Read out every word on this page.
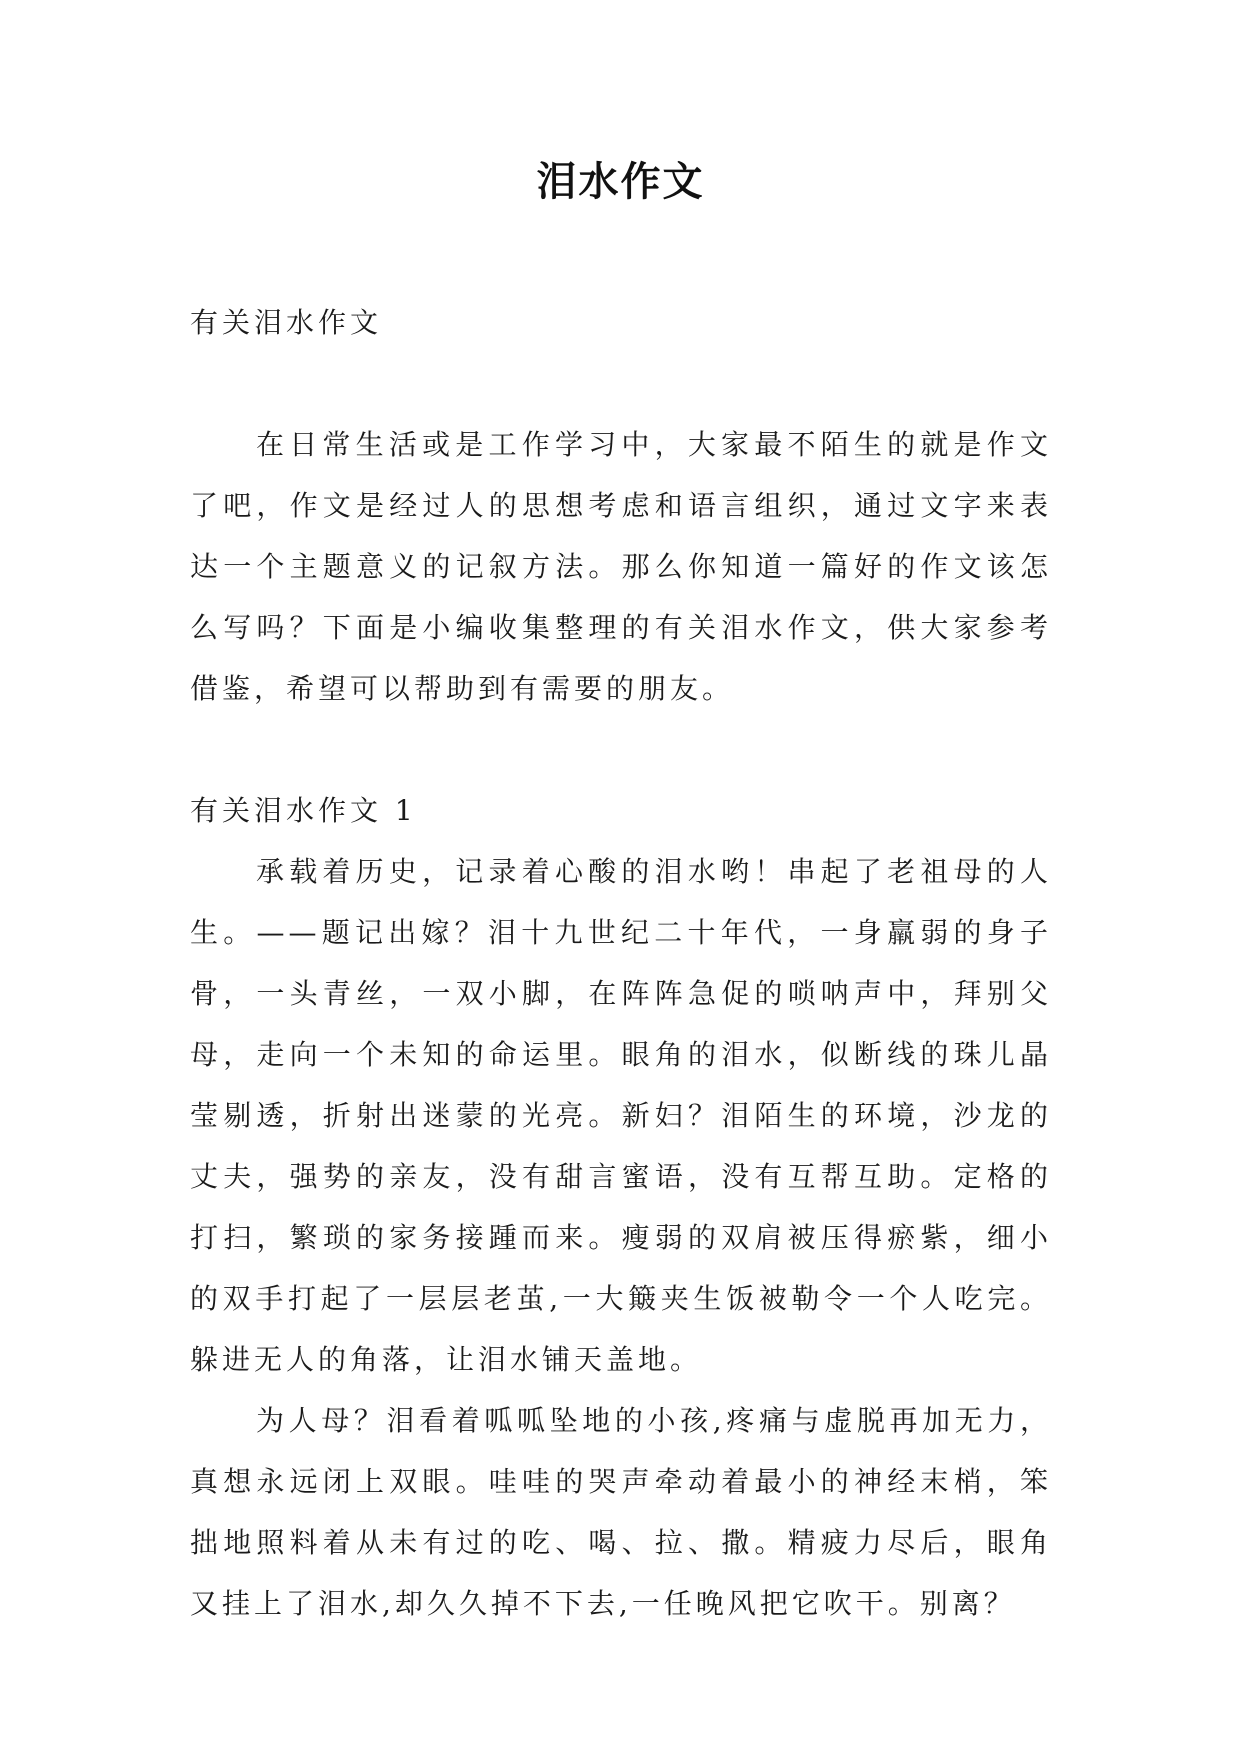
泪水作文

有关泪水作文

在日常生活或是工作学习中，大家最不陌生的就是作文了吧，作文是经过人的思想考虑和语言组织，通过文字来表达一个主题意义的记叙方法。那么你知道一篇好的作文该怎么写吗？下面是小编收集整理的有关泪水作文，供大家参考借鉴，希望可以帮助到有需要的朋友。

有关泪水作文 1

承载着历史，记录着心酸的泪水哟！串起了老祖母的人生。——题记出嫁？泪十九世纪二十年代，一身羸弱的身子骨，一头青丝，一双小脚，在阵阵急促的唢呐声中，拜别父母，走向一个未知的命运里。眼角的泪水，似断线的珠儿晶莹剔透，折射出迷蒙的光亮。新妇？泪陌生的环境，沙龙的丈夫，强势的亲友，没有甜言蜜语，没有互帮互助。定格的打扫，繁琐的家务接踵而来。瘦弱的双肩被压得瘀紫，细小的双手打起了一层层老茧,一大簸夹生饭被勒令一个人吃完。躲进无人的角落，让泪水铺天盖地。

为人母？泪看着呱呱坠地的小孩,疼痛与虚脱再加无力，真想永远闭上双眼。哇哇的哭声牵动着最小的神经末梢，笨拙地照料着从未有过的吃、喝、拉、撒。精疲力尽后，眼角又挂上了泪水,却久久掉不下去,一任晚风把它吹干。别离？
